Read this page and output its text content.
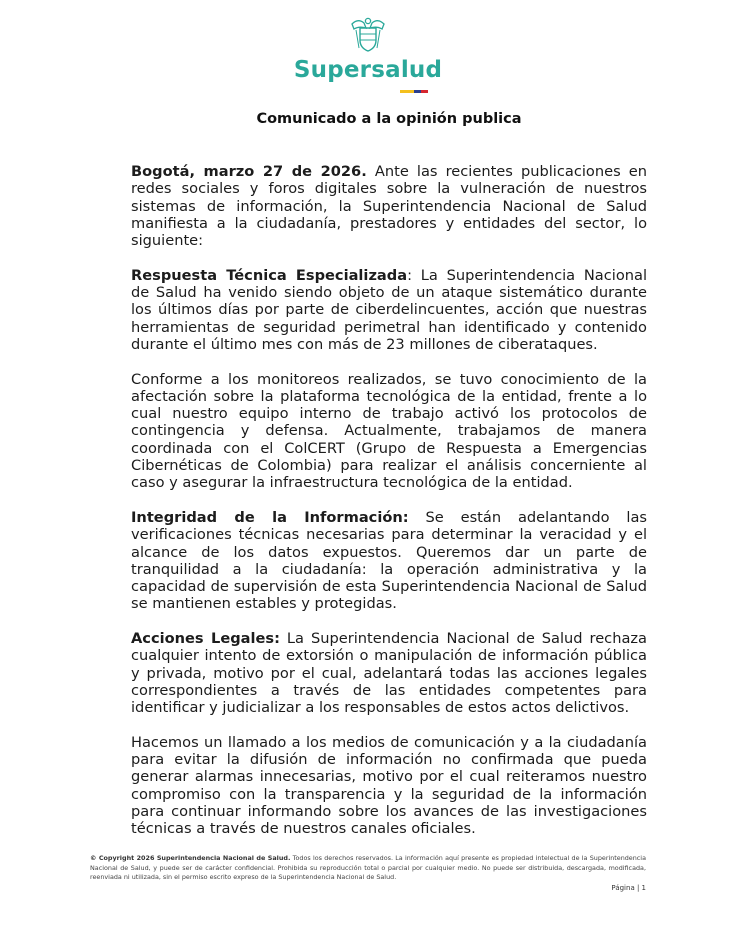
Supersalud
Comunicado a la opinión publica

Bogotá, marzo 27 de 2026. Ante las recientes publicaciones en redes sociales y foros digitales sobre la vulneración de nuestros sistemas de información, la Superintendencia Nacional de Salud manifiesta a la ciudadanía, prestadores y entidades del sector, lo siguiente:

Respuesta Técnica Especializada: La Superintendencia Nacional de Salud ha venido siendo objeto de un ataque sistemático durante los últimos días por parte de ciberdelincuentes, acción que nuestras herramientas de seguridad perimetral han identificado y contenido durante el último mes con más de 23 millones de ciberataques.

Conforme a los monitoreos realizados, se tuvo conocimiento de la afectación sobre la plataforma tecnológica de la entidad, frente a lo cual nuestro equipo interno de trabajo activó los protocolos de contingencia y defensa. Actualmente, trabajamos de manera coordinada con el ColCERT (Grupo de Respuesta a Emergencias Cibernéticas de Colombia) para realizar el análisis concerniente al caso y asegurar la infraestructura tecnológica de la entidad.

Integridad de la Información: Se están adelantando las verificaciones técnicas necesarias para determinar la veracidad y el alcance de los datos expuestos. Queremos dar un parte de tranquilidad a la ciudadanía: la operación administrativa y la capacidad de supervisión de esta Superintendencia Nacional de Salud se mantienen estables y protegidas.

Acciones Legales: La Superintendencia Nacional de Salud rechaza cualquier intento de extorsión o manipulación de información pública y privada, motivo por el cual, adelantará todas las acciones legales correspondientes a través de las entidades competentes para identificar y judicializar a los responsables de estos actos delictivos.

Hacemos un llamado a los medios de comunicación y a la ciudadanía para evitar la difusión de información no confirmada que pueda generar alarmas innecesarias, motivo por el cual reiteramos nuestro compromiso con la transparencia y la seguridad de la información para continuar informando sobre los avances de las investigaciones técnicas a través de nuestros canales oficiales.

© Copyright 2026 Superintendencia Nacional de Salud. Todos los derechos reservados. La información aquí presente es propiedad intelectual de la Superintendencia Nacional de Salud, y puede ser de carácter confidencial. Prohibida su reproducción total o parcial por cualquier medio. No puede ser distribuida, descargada, modificada, reenviada ni utilizada, sin el permiso escrito expreso de la Superintendencia Nacional de Salud.
Página | 1
